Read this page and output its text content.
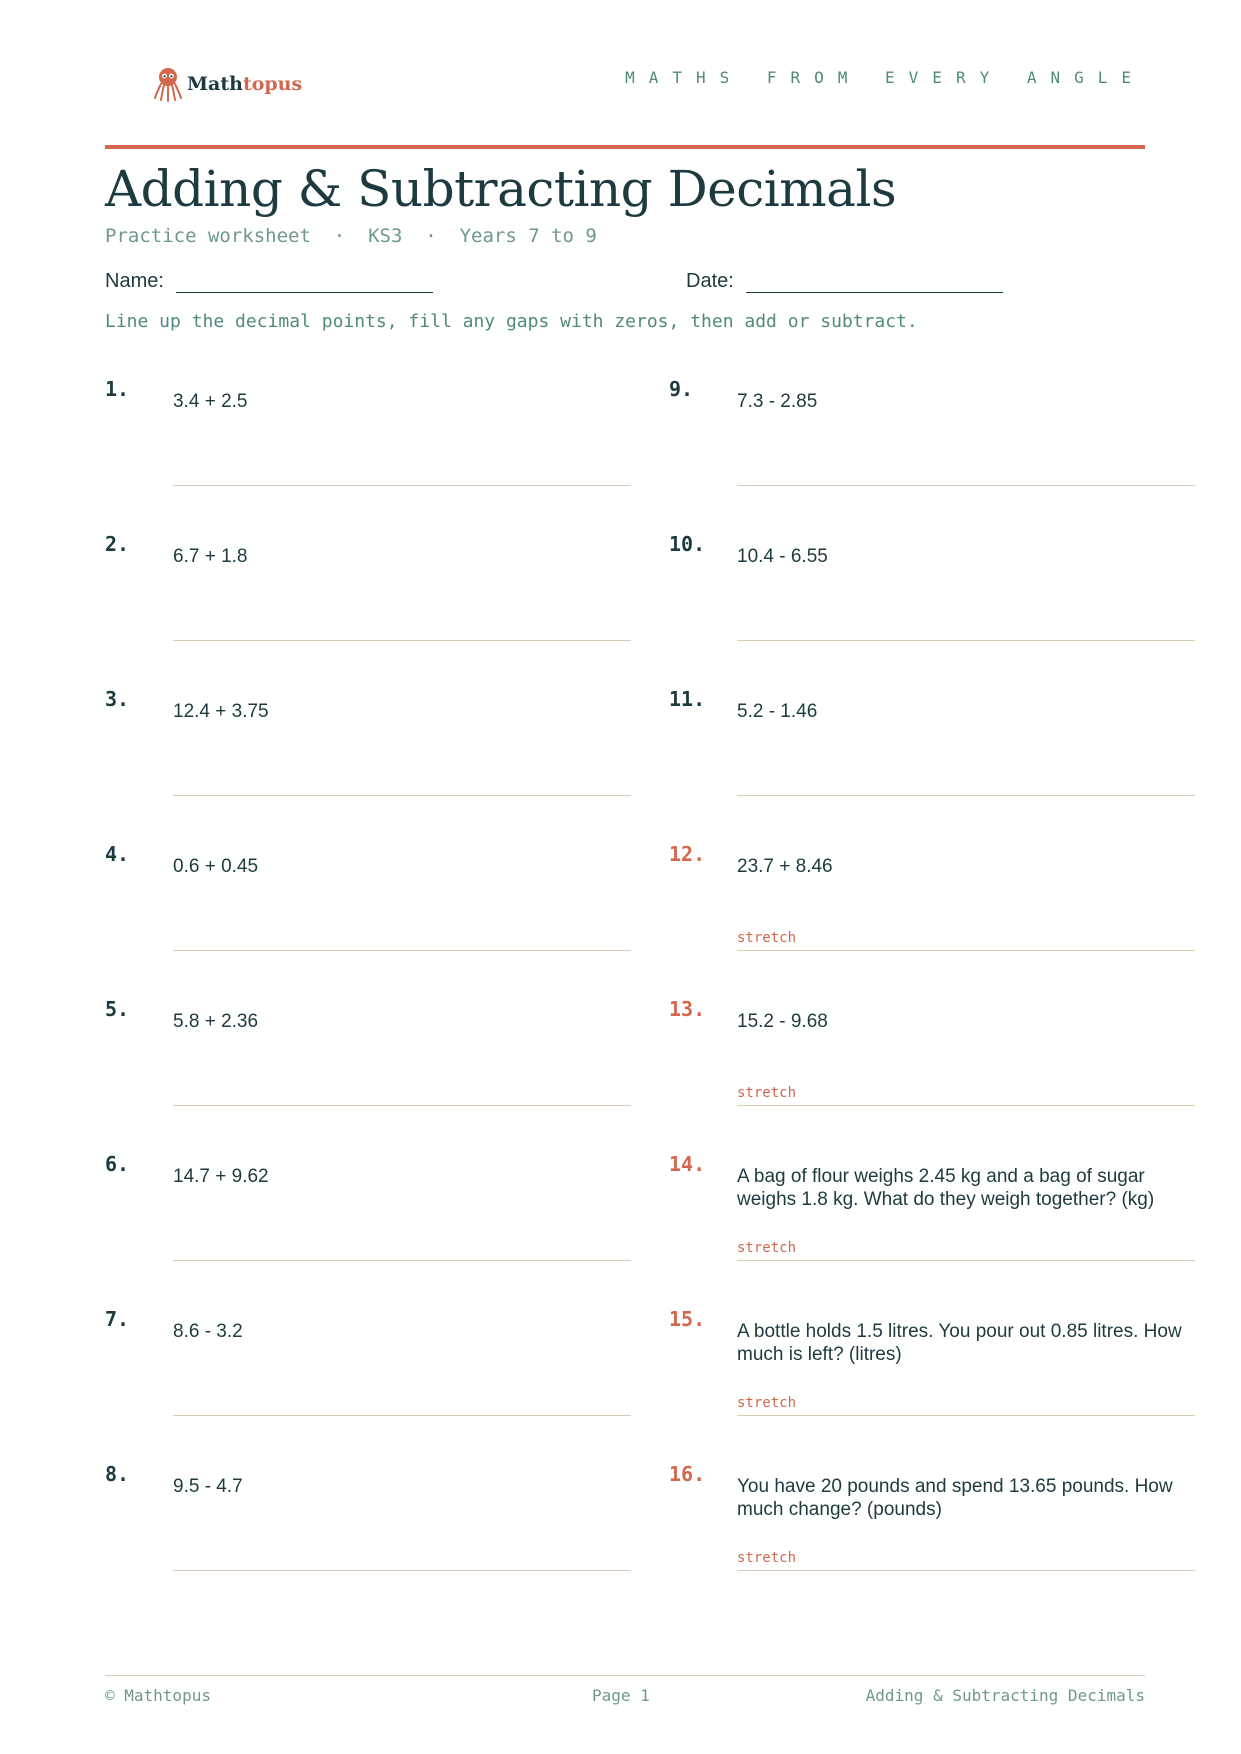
Mathtopus	MATHS FROM EVERY ANGLE
Adding & Subtracting Decimals
Practice worksheet  ·  KS3  ·  Years 7 to 9
Name:	Date:
Line up the decimal points, fill any gaps with zeros, then add or subtract.
1.
3.4 + 2.5
2.
6.7 + 1.8
3.
12.4 + 3.75
4.
0.6 + 0.45
5.
5.8 + 2.36
6.
14.7 + 9.62
7.
8.6 - 3.2
8.
9.5 - 4.7
9.
7.3 - 2.85
10.
10.4 - 6.55
11.
5.2 - 1.46
12.
23.7 + 8.46
stretch
13.
15.2 - 9.68
stretch
14.
A bag of flour weighs 2.45 kg and a bag of sugar weighs 1.8 kg. What do they weigh together? (kg)
stretch
15.
A bottle holds 1.5 litres. You pour out 0.85 litres. How much is left? (litres)
stretch
16.
You have 20 pounds and spend 13.65 pounds. How much change? (pounds)
stretch
© Mathtopus	Page 1	Adding & Subtracting Decimals
